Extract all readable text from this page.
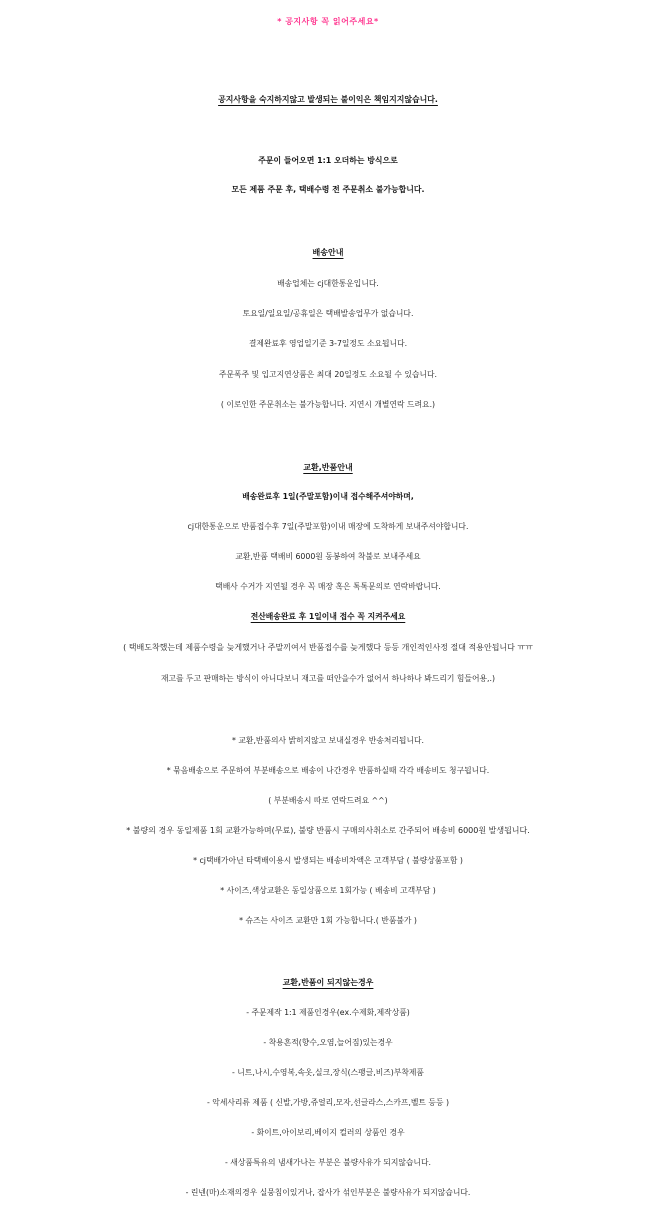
* 공지사항 꼭 읽어주세요*
공지사항을 숙지하지않고 발생되는 불이익은 책임지지않습니다.
주문이 들어오면 1:1 오더하는 방식으로
모든 제품 주문 후, 택배수령 전 주문취소 불가능합니다.
배송안내
배송업체는 cj대한통운입니다.
토요일/일요일/공휴일은 택배발송업무가 없습니다.
결제완료후 영업일기준 3-7일정도 소요됩니다.
주문폭주 및 입고지연상품은 최대 20일정도 소요될 수 있습니다.
( 이로인한 주문취소는 불가능합니다. 지연시 개별연락 드려요.)
교환,반품안내
배송완료후 1일(주말포함)이내 접수해주셔야하며,
cj대한통운으로 반품접수후 7일(주말포함)이내 매장에 도착하게 보내주셔야합니다.
교환,반품 택배비 6000원 동봉하여 착불로 보내주세요
택배사 수거가 지연될 경우 꼭 매장 혹은 톡톡문의로 연락바랍니다.
전산배송완료 후 1일이내 접수 꼭 지켜주세요
( 택배도착했는데 제품수령을 늦게했거나 주말끼여서 반품접수를 늦게했다 등등 개인적인사정 절대 적용안됩니다 ㅠㅠ
재고를 두고 판매하는 방식이 아니다보니 재고를 떠안을수가 없어서 하나하나 봐드리기 힘들어용,.)
* 교환,반품의사 밝히지않고 보내실경우 반송처리됩니다.
* 묶음배송으로 주문하여 부분배송으로 배송이 나간경우 반품하실때 각각 배송비도 청구됩니다.
( 부분배송시 따로 연락드려요 ^^)
* 불량의 경우 동일제품 1회 교환가능하며(무료), 불량 반품시 구매의사취소로 간주되어 배송비 6000원 발생됩니다.
* cj택배가아닌 타택배이용시 발생되는 배송비차액은 고객부담 ( 불량상품포함 )
* 사이즈,색상교환은 동일상품으로 1회가능 ( 배송비 고객부담 )
* 슈즈는 사이즈 교환만 1회 가능합니다.( 반품불가 )
교환,반품이 되지않는경우
- 주문제작 1:1 제품인경우(ex.수제화,제작상품)
- 착용흔적(향수,오염,늘어짐)있는경우
- 니트,나시,수영복,속옷,실크,장식(스팽글,비즈)부착제품
- 악세사리류 제품 ( 신발,가방,쥬얼리,모자,선글라스,스카프,벨트 등등 )
- 화이트,아이보리,베이지 컬러의 상품인 경우
- 새상품특유의 냄새가나는 부분은 불량사유가 되지않습니다.
- 린넨(마)소재의경우 실뭉침이있거나, 잡사가 섞인부분은 불량사유가 되지않습니다.
